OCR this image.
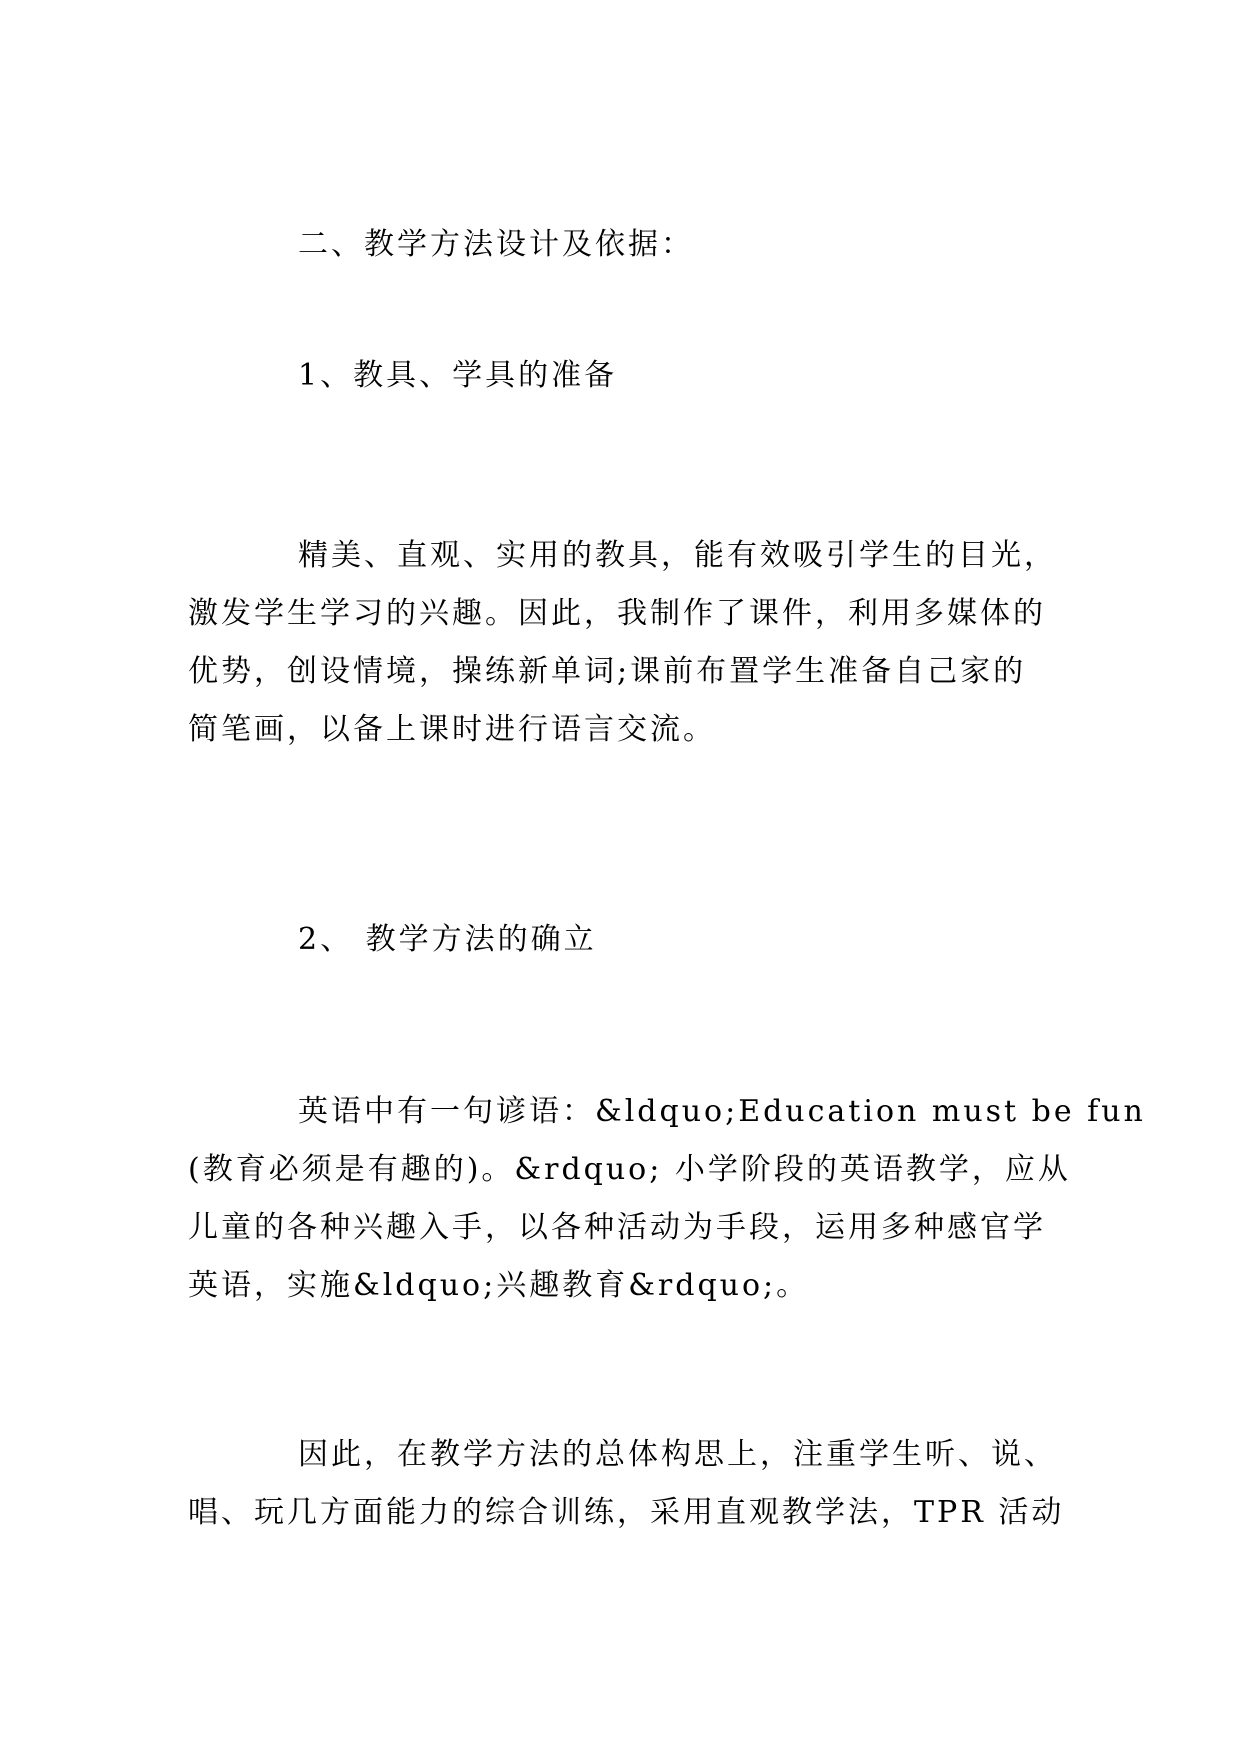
二、教学方法设计及依据：
1、教具、学具的准备
精美、直观、实用的教具，能有效吸引学生的目光，
激发学生学习的兴趣。因此，我制作了课件，利用多媒体的
优势，创设情境，操练新单词;课前布置学生准备自己家的
简笔画，以备上课时进行语言交流。
2、 教学方法的确立
英语中有一句谚语：&ldquo;Education must be fun
(教育必须是有趣的)。&rdquo; 小学阶段的英语教学，应从
儿童的各种兴趣入手，以各种活动为手段，运用多种感官学
英语，实施&ldquo;兴趣教育&rdquo;。
因此，在教学方法的总体构思上，注重学生听、说、
唱、玩几方面能力的综合训练，采用直观教学法，TPR 活动
